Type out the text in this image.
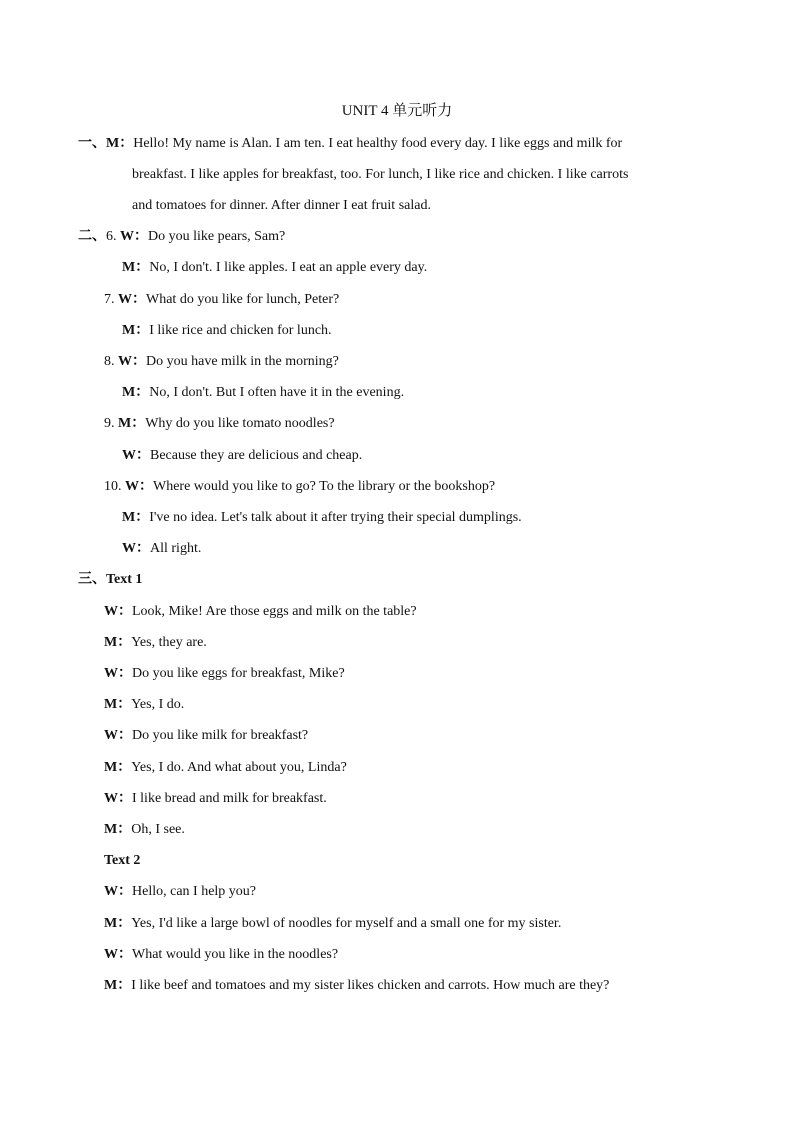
UNIT 4 单元听力
一、M：Hello! My name is Alan. I am ten. I eat healthy food every day. I like eggs and milk for
breakfast. I like apples for breakfast, too. For lunch, I like rice and chicken. I like carrots
and tomatoes for dinner. After dinner I eat fruit salad.
二、6. W：Do you like pears, Sam?
M：No, I don't. I like apples. I eat an apple every day.
7. W：What do you like for lunch, Peter?
M：I like rice and chicken for lunch.
8. W：Do you have milk in the morning?
M：No, I don't. But I often have it in the evening.
9. M：Why do you like tomato noodles?
W：Because they are delicious and cheap.
10. W：Where would you like to go? To the library or the bookshop?
M：I've no idea. Let's talk about it after trying their special dumplings.
W：All right.
三、Text 1
W：Look, Mike! Are those eggs and milk on the table?
M：Yes, they are.
W：Do you like eggs for breakfast, Mike?
M：Yes, I do.
W：Do you like milk for breakfast?
M：Yes, I do. And what about you, Linda?
W：I like bread and milk for breakfast.
M：Oh, I see.
Text 2
W：Hello, can I help you?
M：Yes, I'd like a large bowl of noodles for myself and a small one for my sister.
W：What would you like in the noodles?
M：I like beef and tomatoes and my sister likes chicken and carrots. How much are they?
